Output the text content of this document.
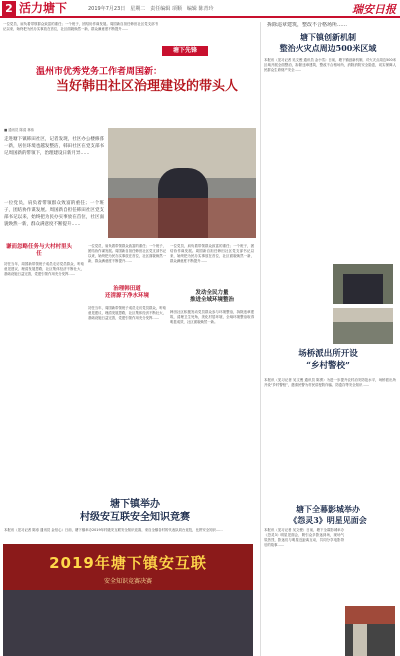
2 活力塘下	2019年7月23日　星期二　责任编辑 项顺　编辑 陈青玲	瑞安日报
一位党员，肩负着带领群众致富的重任；一个班子，团结协作谋发展。周国新自担任韩田社区党支部书记以来，始终把为民办实事放在首位，社区面貌焕然一新，群众满意度不断提升……
塘下先锋
温州市优秀党务工作者周国新：
当好韩田社区治理建设的带头人
■ 通讯员 陈清 林伟
走进塘下镇韩田社区，记者发现，社区办公楼修葺一新，居住环境也越发整洁，韩田社区在党支部书记周国新的带领下，治理建设日新月异……
一位党员，肩负着带领群众致富的重任；一个班子，团结协作谋发展。周国新自担任韩田社区党支部书记以来，始终把为民办实事放在首位，社区面貌焕然一新，群众满意度不断提升……
谦而忽略任务与大村村里头任
初任当年，周国新带领班子成员走访党员群众，听取意见建议，理清发展思路，社区集体经济不断壮大，基础设施日益完善，党建引领作用充分发挥……
一位党员，肩负着带领群众致富的重任；一个班子，团结协作谋发展。周国新自担任韩田社区党支部书记以来，始终把为民办实事放在首位，社区面貌焕然一新，群众满意度不断提升……
治理韩田道
还清源于净水环境
初任当年，周国新带领班子成员走访党员群众，听取意见建议，理清发展思路，社区集体经济不断壮大，基础设施日益完善，党建引领作用充分发挥……
一位党员，肩负着带领群众致富的重任；一个班子，团结协作谋发展。周国新自担任韩田社区党支部书记以来，始终把为民办实事放在首位，社区面貌焕然一新，群众满意度不断提升……
发动全民力量
推进全域环境整治
韩田社区积极发动党员群众参与环境整治，拆除违章建筑，清理卫生死角，美化村居环境，全域环境整治取得明显成效，社区面貌焕然一新。
塘下镇举办
村级安互联安全知识竞赛
本报讯（见习记者 陈寿 通讯员 金信心）日前，塘下镇举办2019年村级安互联安全知识竞赛，来自全镇各村的代表队同台竞技，比拼安全知识……
2019年塘下镇安互联
安全知识竞赛决赛
拆除违章建筑，整改不合格场所……
塘下镇创新机制
整治火灾点周边500米区域
本报讯（见习记者 吴文俊 通讯员 金小雪）日前，塘下镇创新机制，对火灾点周边500米区域开展全面整治，拆除违章建筑，整改不合格场所，消除消防安全隐患，切实保障人民群众生命财产安全……
场桥派出所开设
“乡村警校”
本报讯（见习记者 吴文俊 通讯员 陈勇）为进一步提升农村治安防范水平，场桥派出所开设“乡村警校”，邀请民警为村民讲授防诈骗、防盗窃等安全知识……
塘下全幕影城举办
《怨灵3》明星见面会
本报讯（见习记者 吴文俊）日前，塘下全幕影城举办《怨灵3》明星见面会，吸引众多影迷到场，现场气氛热烈，影迷们与明星近距离互动，共同分享电影背后的故事……
